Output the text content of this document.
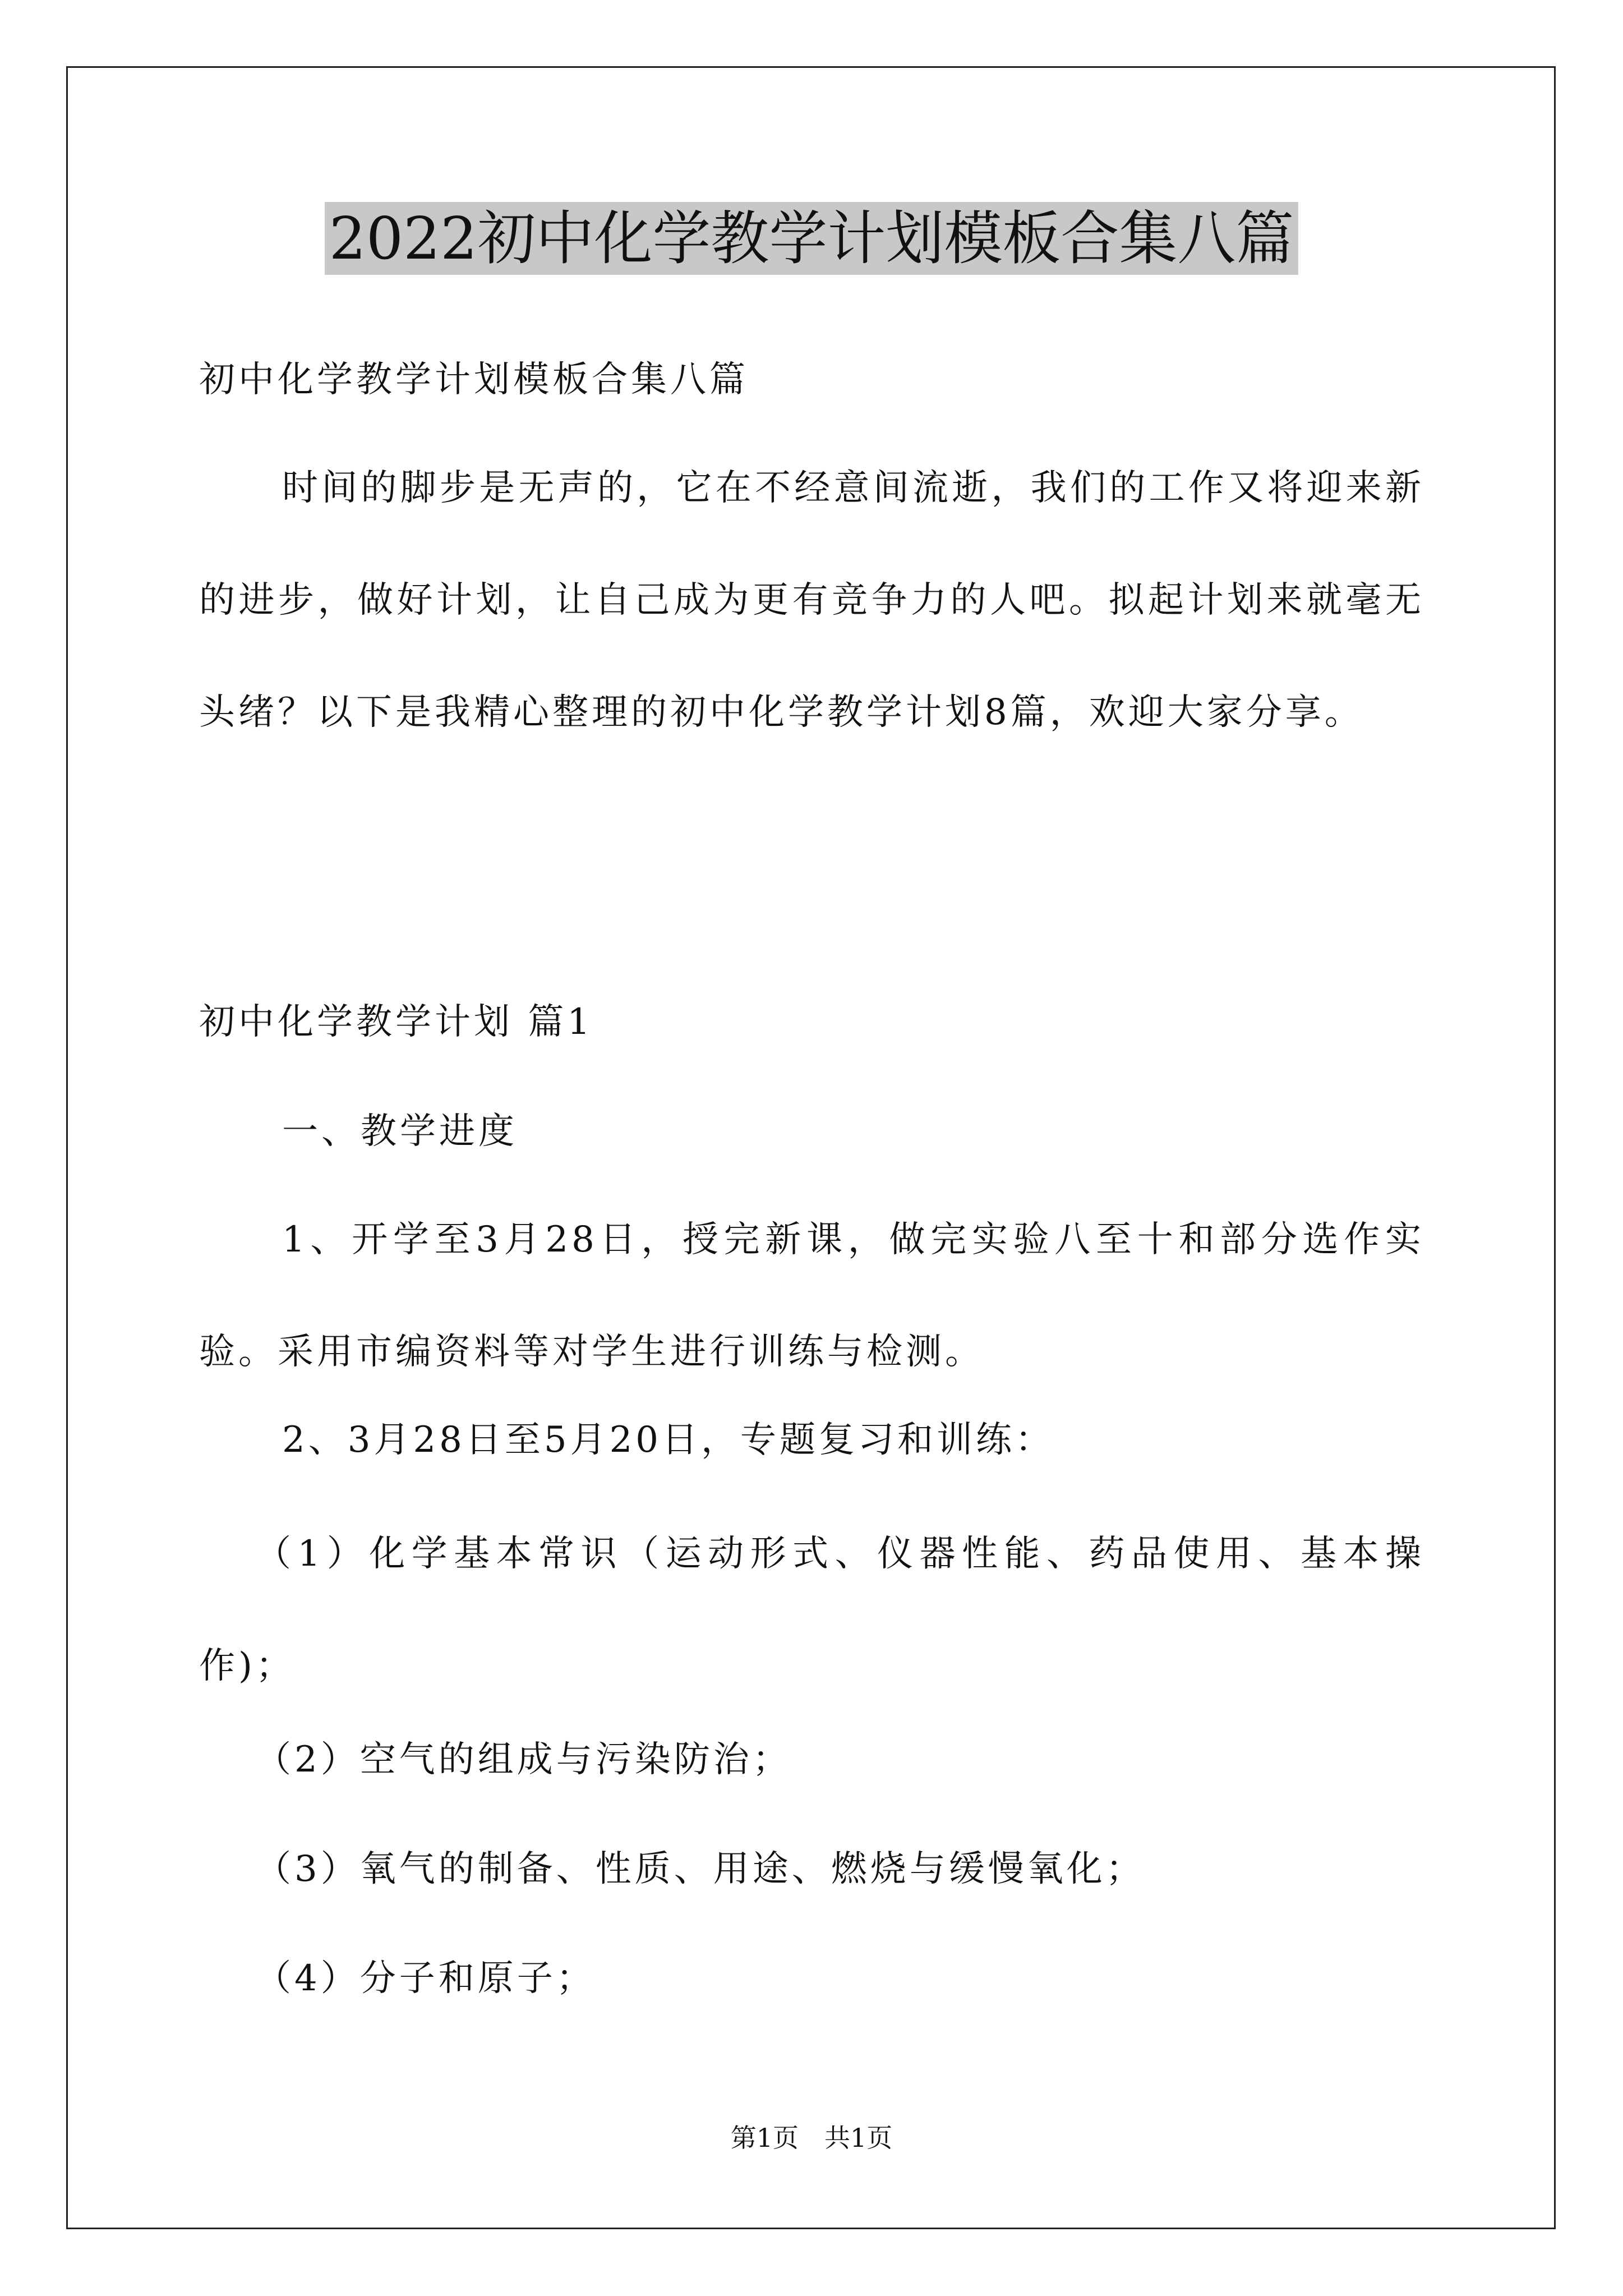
2022初中化学教学计划模板合集八篇

初中化学教学计划模板合集八篇

时间的脚步是无声的，它在不经意间流逝，我们的工作又将迎来新的进步，做好计划，让自己成为更有竞争力的人吧。拟起计划来就毫无头绪？以下是我精心整理的初中化学教学计划8篇，欢迎大家分享。

初中化学教学计划 篇1

一、教学进度

1、开学至3月28日，授完新课，做完实验八至十和部分选作实验。采用市编资料等对学生进行训练与检测。

2、3月28日至5月20日，专题复习和训练：

（1）化学基本常识（运动形式、仪器性能、药品使用、基本操作)；

（2）空气的组成与污染防治；

（3）氧气的制备、性质、用途、燃烧与缓慢氧化；

（4）分子和原子；

第1页　共1页
